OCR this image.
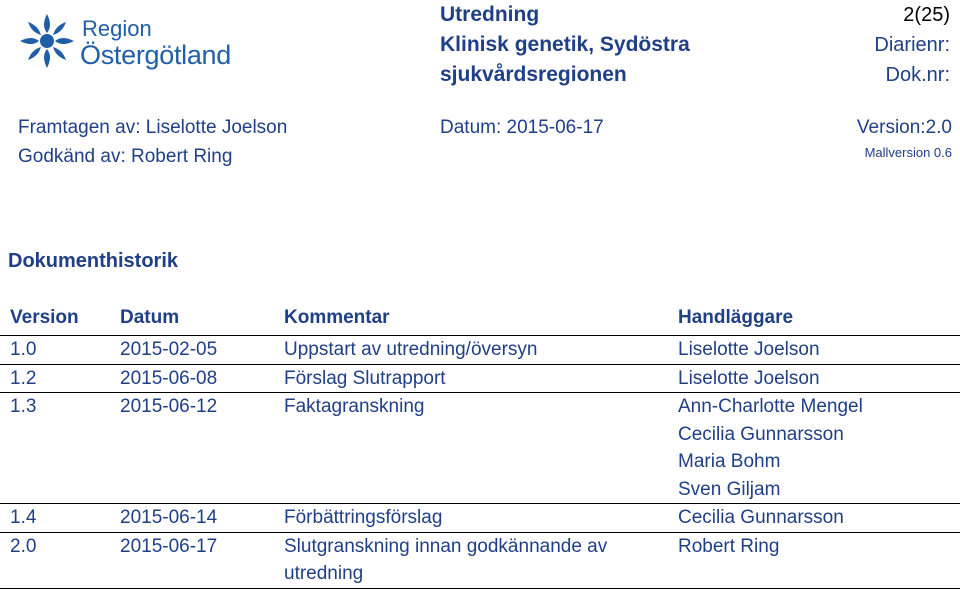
Region
Östergötland
Utredning
Klinisk genetik, Sydöstra
sjukvårdsregionen
2(25)
Diarienr:
Dok.nr:
Framtagen av: Liselotte Joelson
Godkänd av: Robert Ring
Datum: 2015-06-17	Version:2.0
Mallversion 0.6
Dokumenthistorik
Version	Datum	Kommentar	Handläggare
1.0	2015-02-05	Uppstart av utredning/översyn	Liselotte Joelson

1.2	2015-06-08	Förslag Slutrapport	Liselotte Joelson

1.3	2015-06-12	Faktagranskning	Ann-Charlotte Mengel
Cecilia Gunnarsson
Maria Bohm
Sven Giljam

1.4	2015-06-14	Förbättringsförslag	Cecilia Gunnarsson

2.0	2015-06-17	Slutgranskning innan godkännande av utredning	Robert Ring
